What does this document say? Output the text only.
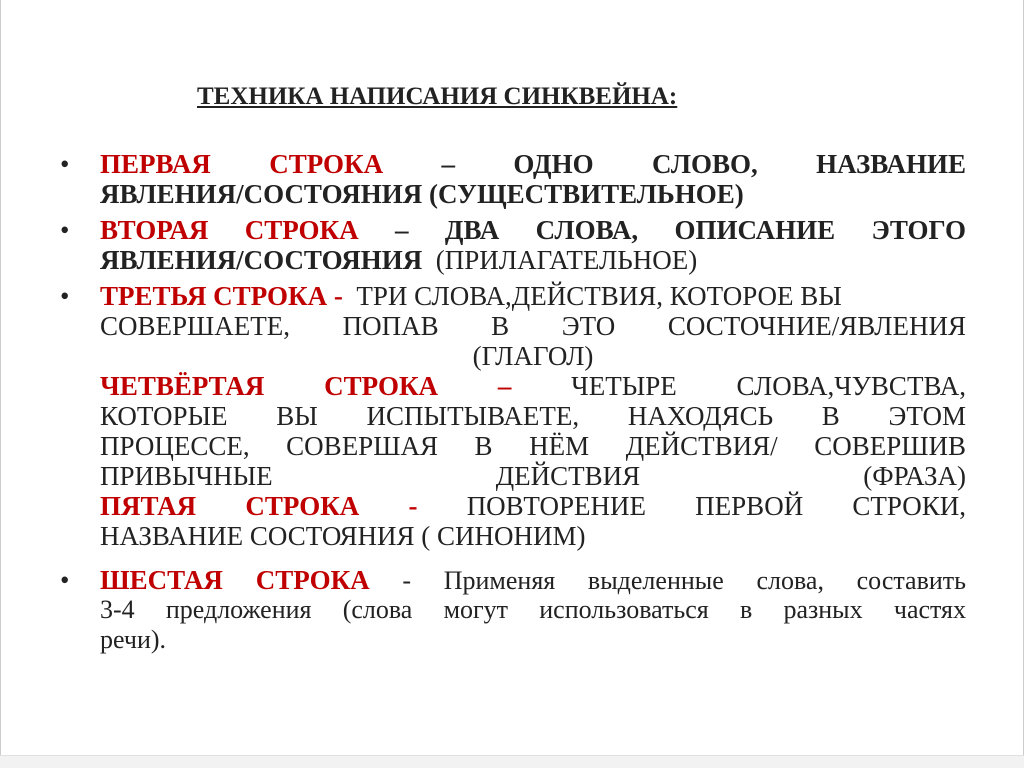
ТЕХНИКА НАПИСАНИЯ СИНКВЕЙНА:
• ПЕРВАЯ СТРОКА – ОДНО СЛОВО, НАЗВАНИЕ
ЯВЛЕНИЯ/СОСТОЯНИЯ (СУЩЕСТВИТЕЛЬНОЕ)
• ВТОРАЯ СТРОКА – ДВА СЛОВА, ОПИСАНИЕ ЭТОГО
ЯВЛЕНИЯ/СОСТОЯНИЯ (ПРИЛАГАТЕЛЬНОЕ)
• ТРЕТЬЯ СТРОКА - ТРИ СЛОВА,ДЕЙСТВИЯ, КОТОРОЕ ВЫ
СОВЕРШАЕТЕ, ПОПАВ В ЭТО СОСТОЧНИЕ/ЯВЛЕНИЯ
(ГЛАГОЛ)
ЧЕТВЁРТАЯ СТРОКА – ЧЕТЫРЕ СЛОВА,ЧУВСТВА,
КОТОРЫЕ ВЫ ИСПЫТЫВАЕТЕ, НАХОДЯСЬ В ЭТОМ
ПРОЦЕССЕ, СОВЕРШАЯ В НЁМ ДЕЙСТВИЯ/ СОВЕРШИВ
ПРИВЫЧНЫЕ	ДЕЙСТВИЯ	(ФРАЗА)
ПЯТАЯ СТРОКА - ПОВТОРЕНИЕ ПЕРВОЙ СТРОКИ,
НАЗВАНИЕ СОСТОЯНИЯ ( СИНОНИМ)
• ШЕСТАЯ СТРОКА - Применяя выделенные слова, составить
3-4 предложения (слова могут использоваться в разных частях
речи).
